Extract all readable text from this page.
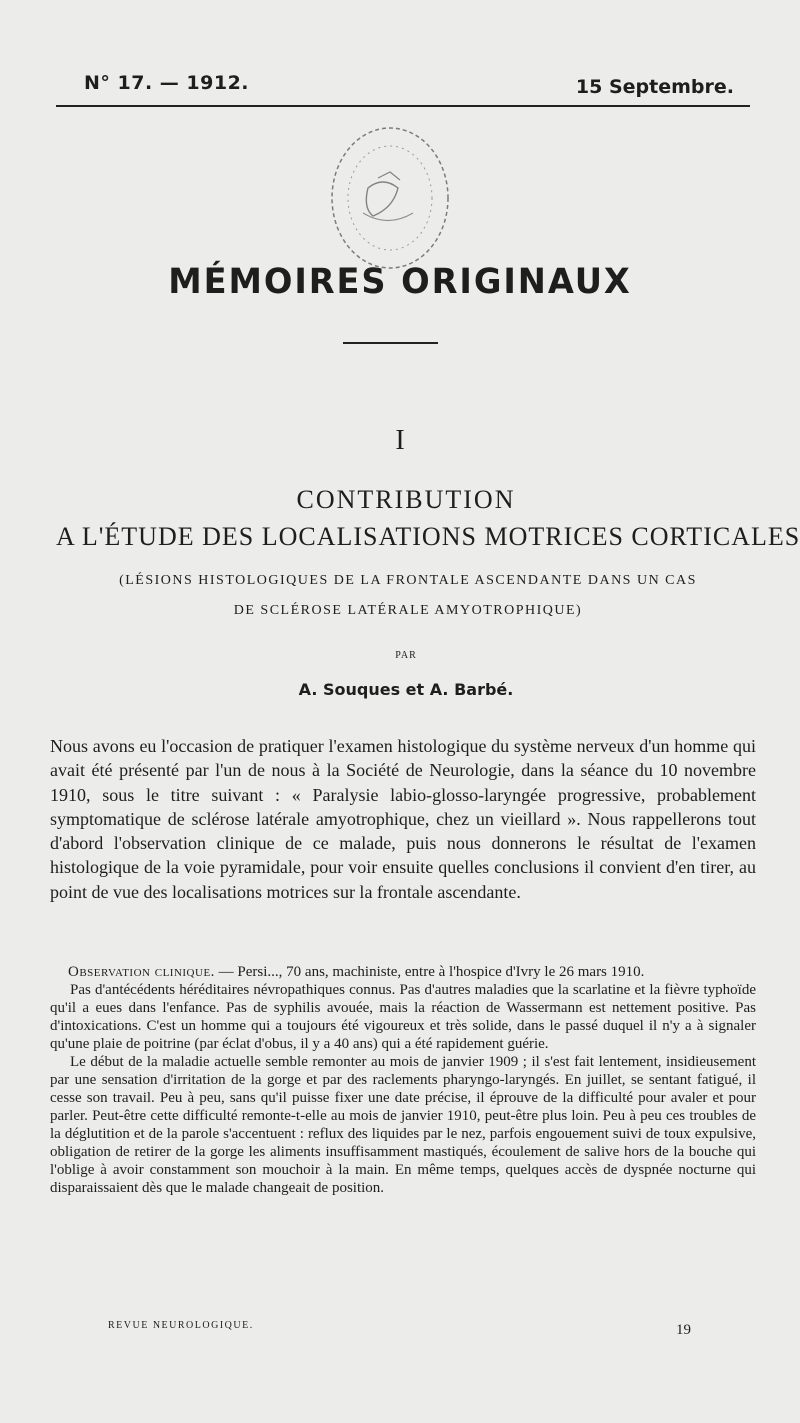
N° 17. — 1912.	15 Septembre.
MÉMOIRES ORIGINAUX
I
CONTRIBUTION
A L'ÉTUDE DES LOCALISATIONS MOTRICES CORTICALES
(LÉSIONS HISTOLOGIQUES DE LA FRONTALE ASCENDANTE DANS UN CAS
DE SCLÉROSE LATÉRALE AMYOTROPHIQUE)
PAR
A. Souques et A. Barbé.
Nous avons eu l'occasion de pratiquer l'examen histologique du système nerveux d'un homme qui avait été présenté par l'un de nous à la Société de Neurologie, dans la séance du 10 novembre 1910, sous le titre suivant : « Paralysie labio-glosso-laryngée progressive, probablement symptomatique de sclérose latérale amyotrophique, chez un vieillard ». Nous rappellerons tout d'abord l'observation clinique de ce malade, puis nous donnerons le résultat de l'examen histologique de la voie pyramidale, pour voir ensuite quelles conclusions il convient d'en tirer, au point de vue des localisations motrices sur la frontale ascendante.

Observation clinique. — Persi..., 70 ans, machiniste, entre à l'hospice d'Ivry le 26 mars 1910.

Pas d'antécédents héréditaires névropathiques connus. Pas d'autres maladies que la scarlatine et la fièvre typhoïde qu'il a eues dans l'enfance. Pas de syphilis avouée, mais la réaction de Wassermann est nettement positive. Pas d'intoxications. C'est un homme qui a toujours été vigoureux et très solide, dans le passé duquel il n'y a à signaler qu'une plaie de poitrine (par éclat d'obus, il y a 40 ans) qui a été rapidement guérie.

Le début de la maladie actuelle semble remonter au mois de janvier 1909 ; il s'est fait lentement, insidieusement par une sensation d'irritation de la gorge et par des raclements pharyngo-laryngés. En juillet, se sentant fatigué, il cesse son travail. Peu à peu, sans qu'il puisse fixer une date précise, il éprouve de la difficulté pour avaler et pour parler. Peut-être cette difficulté remonte-t-elle au mois de janvier 1910, peut-être plus loin. Peu à peu ces troubles de la déglutition et de la parole s'accentuent : reflux des liquides par le nez, parfois engouement suivi de toux expulsive, obligation de retirer de la gorge les aliments insuffisamment mastiqués, écoulement de salive hors de la bouche qui l'oblige à avoir constamment son mouchoir à la main. En même temps, quelques accès de dyspnée nocturne qui disparaissaient dès que le malade changeait de position.

REVUE NEUROLOGIQUE.	19
